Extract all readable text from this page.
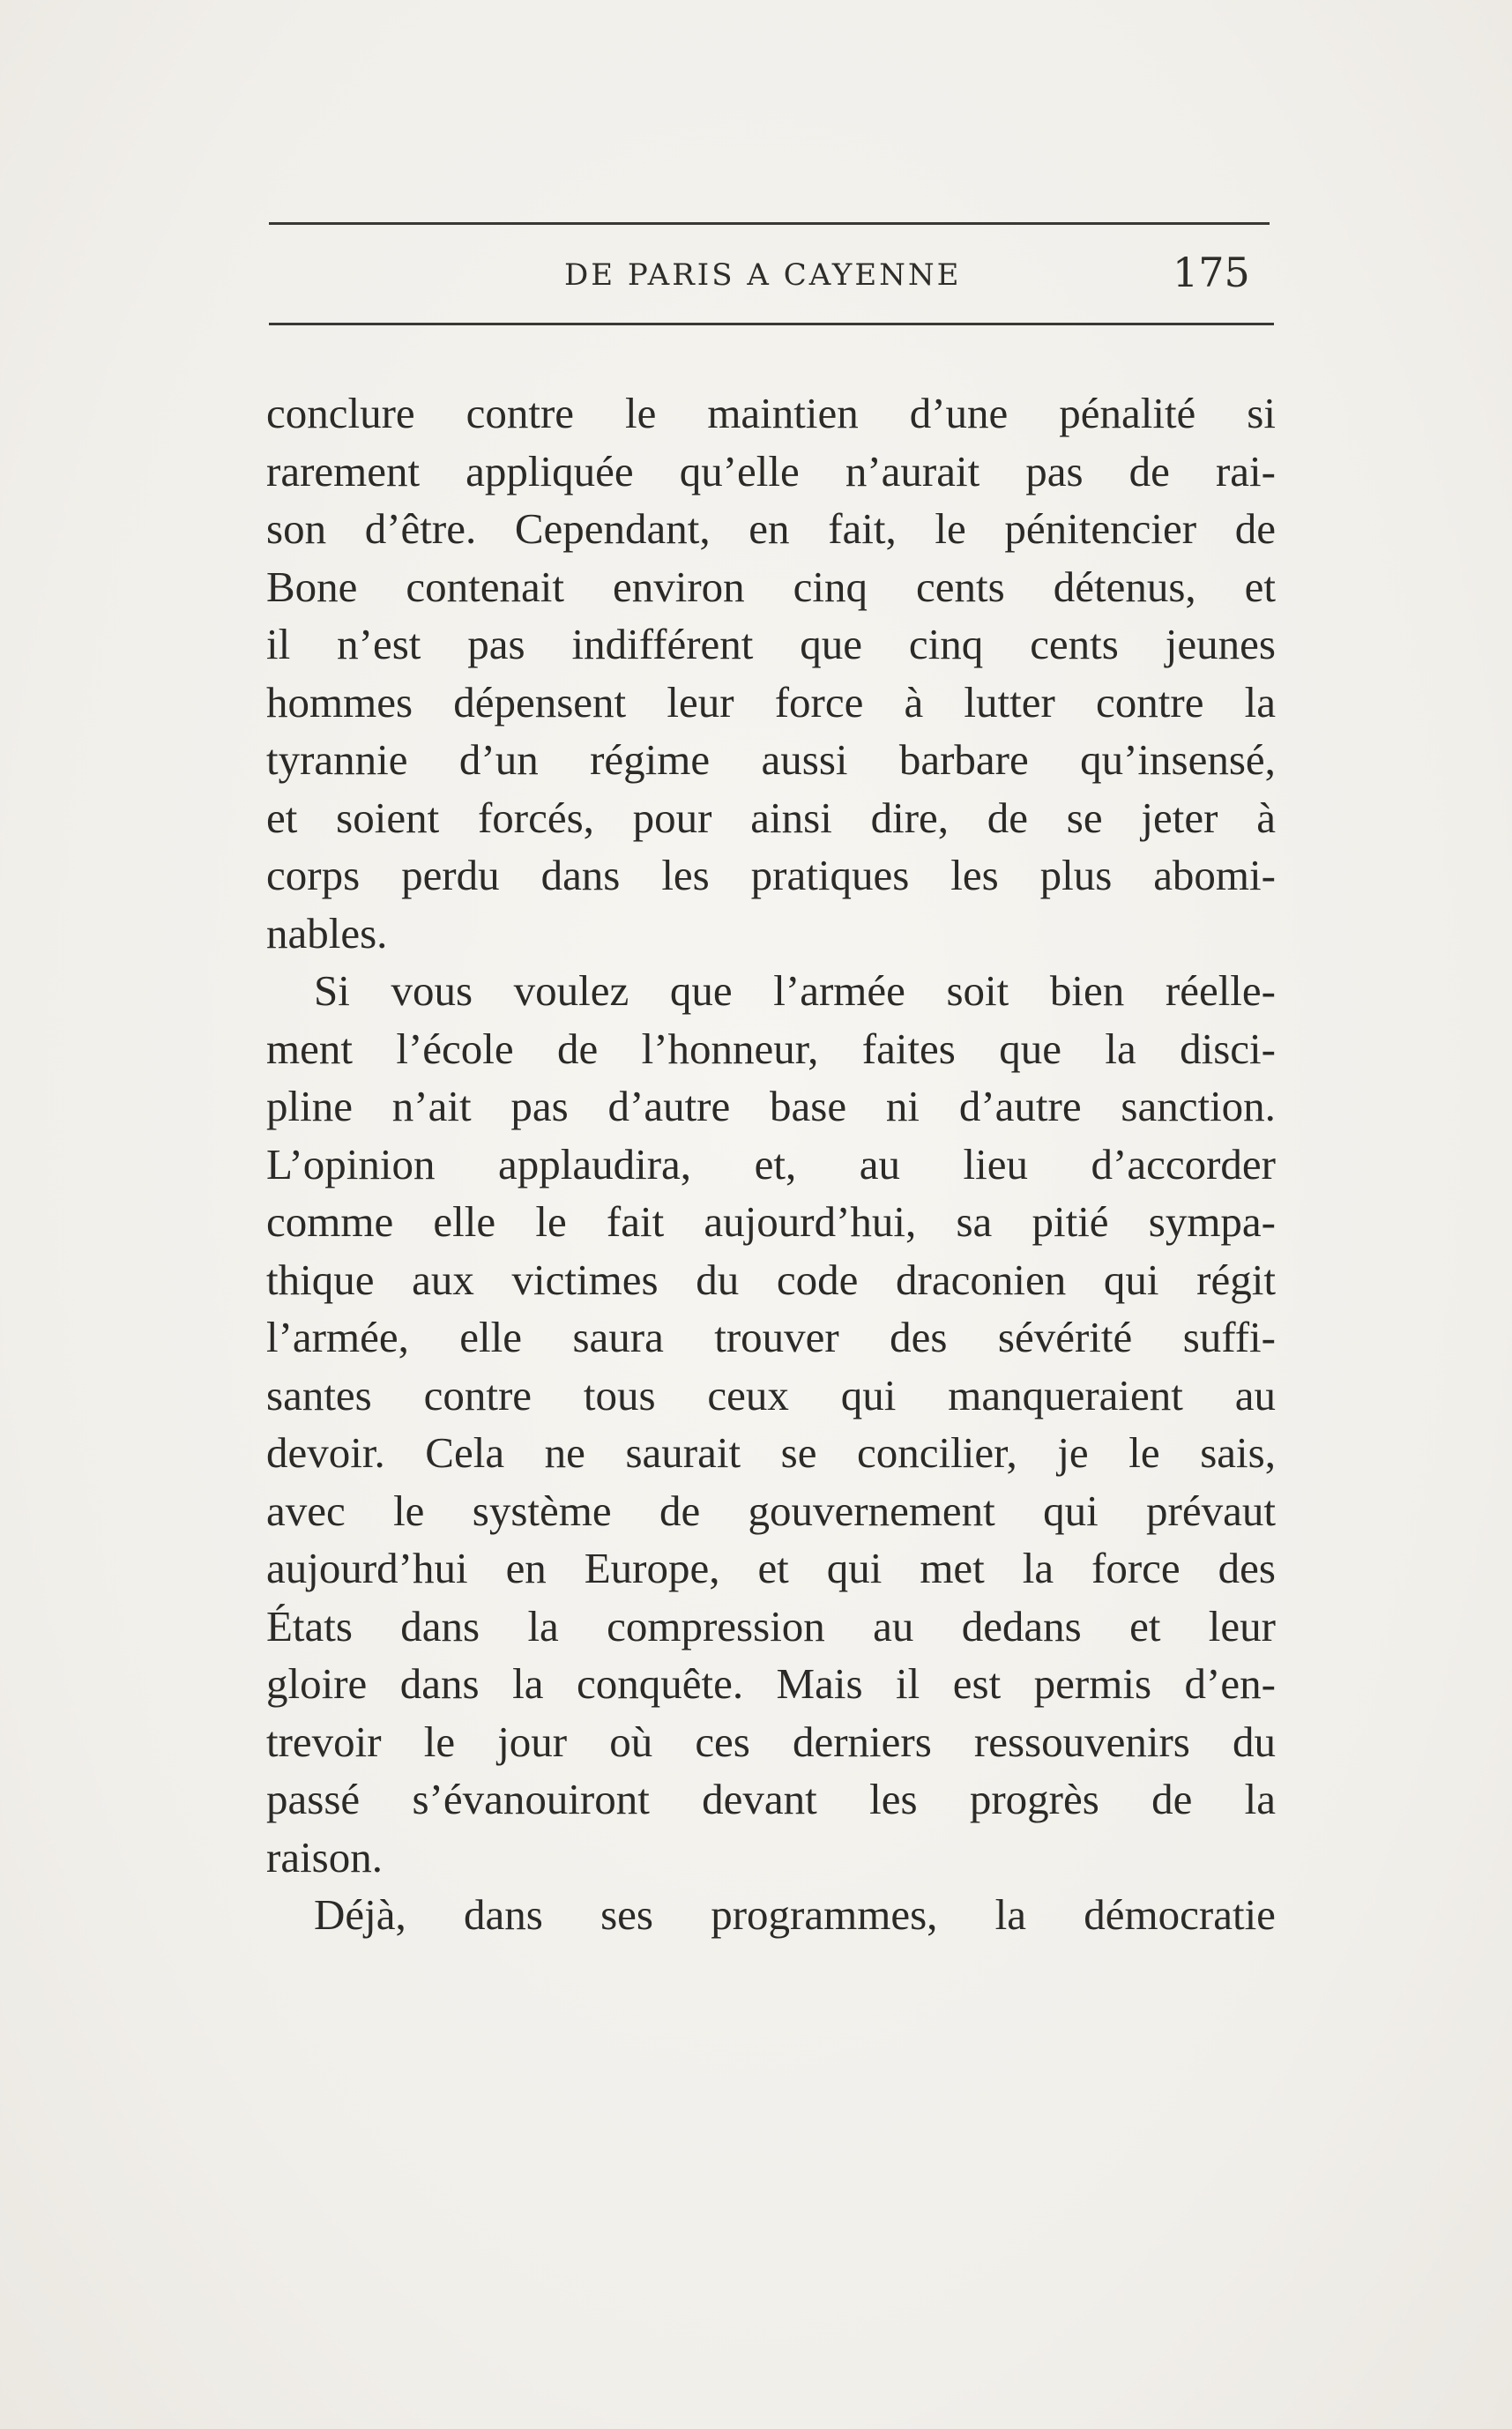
DE PARIS A CAYENNE	175
conclure contre le maintien d’une pénalité si
rarement appliquée qu’elle n’aurait pas de rai-
son d’être. Cependant, en fait, le pénitencier de
Bone contenait environ cinq cents détenus, et
il n’est pas indifférent que cinq cents jeunes
hommes dépensent leur force à lutter contre la
tyrannie d’un régime aussi barbare qu’insensé,
et soient forcés, pour ainsi dire, de se jeter à
corps perdu dans les pratiques les plus abomi-
nables.
Si vous voulez que l’armée soit bien réelle-
ment l’école de l’honneur, faites que la disci-
pline n’ait pas d’autre base ni d’autre sanction.
L’opinion applaudira, et, au lieu d’accorder
comme elle le fait aujourd’hui, sa pitié sympa-
thique aux victimes du code draconien qui régit
l’armée, elle saura trouver des sévérité suffi-
santes contre tous ceux qui manqueraient au
devoir. Cela ne saurait se concilier, je le sais,
avec le système de gouvernement qui prévaut
aujourd’hui en Europe, et qui met la force des
États dans la compression au dedans et leur
gloire dans la conquête. Mais il est permis d’en-
trevoir le jour où ces derniers ressouvenirs du
passé s’évanouiront devant les progrès de la
raison.
Déjà, dans ses programmes, la démocratie
